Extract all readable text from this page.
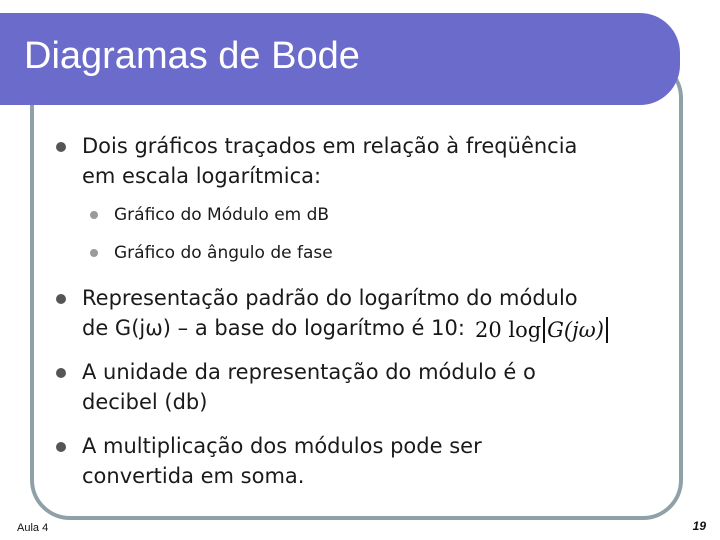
Diagramas de Bode
Dois gráficos traçados em relação à freqüência
em escala logarítmica:
Gráfico do Módulo em dB
Gráfico do ângulo de fase
Representação padrão do logarítmo do módulo
de G(jω) – a base do logarítmo é 10: 20 log G(jω)
A unidade da representação do módulo é o
decibel (db)
A multiplicação dos módulos pode ser
convertida em soma.
Aula 4	19
